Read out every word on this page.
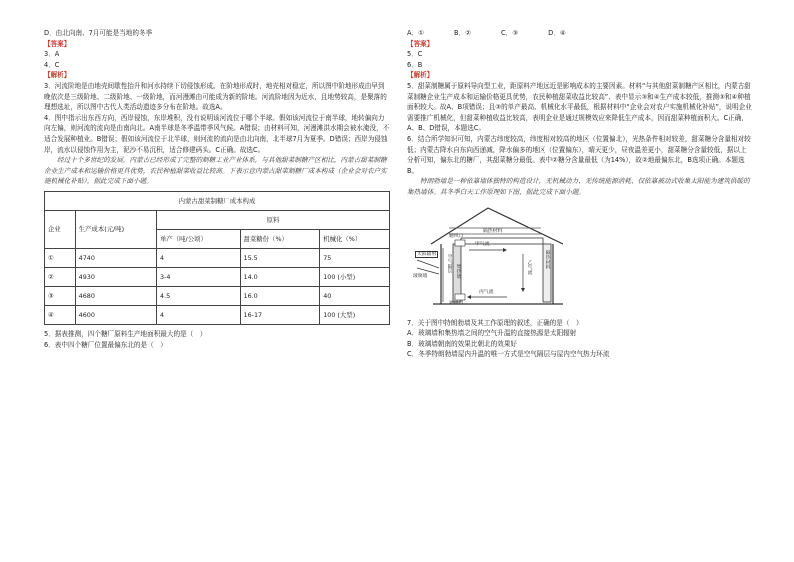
D．由北向南、7月可能是当地的冬季

【答案】

3．A

4．C

【解析】

3．河流阶地是由地壳间歇性抬升和河水持续下切侵蚀形成。在阶地形成时，地壳相对稳定，所以图中阶地形成由早到晚依次是三级阶地、二级阶地、一级阶地，而河漫滩由可能成为新的阶地。河流阶地因为近水，且地势较高，是聚落的理想选址，所以图中古代人类活动遗迹多分布在阶地。故选A。

4．图中指示出东西方向，西岸侵蚀，东岸堆积，没有说明该河流位于哪个半球。假如该河流位于南半球，地转偏向力向左偏，则河流的流向是由南向北。A南半球是冬季温带季风气候。A错误；由材料可知，河漫滩洪水期会被水淹没，不适合发展种植业。B错误；假如该河流位于北半球，则河流的流向是由北向南，北半球7月为夏季。D错误；西岸为侵蚀岸，流水以侵蚀作用为主，泥沙不易沉积，适合修建码头。C正确。故选C。

经过十个多世纪的发展，内蒙古已经形成了完整的制糖工业产业体系，与其他甜菜制糖产区相比，内蒙古甜菜制糖企业生产成本和运输价格更具优势，农民种植甜菜收益比较高。下表示意内蒙古甜菜制糖厂成本构成（企业会对农户实施机械化补贴），据此完成下面小题。

内蒙古甜菜制糖厂成本构成				
企业	生产成本(元/吨)	原料		
		单产（吨/公顷）	甜菜糖份（%）	机械化（%）
①	4740	4	15.5	75
②	4930	3-4	14.0	100 (小型)
③	4680	4.5	16.0	40
④	4600	4	16-17	100 (大型)

5．据表推测，四个糖厂原料生产地面积最大的是（　）

6．表中四个糖厂位置最偏东北的是（　）

A．①	B．②	C．③	D．④

【答案】

5．C

6．B

【解析】

5．甜菜制糖属于原料导向型工业，距原料产地远近是影响成本的主要因素。材料“与其他甜菜制糖产区相比，内蒙古甜菜制糖企业生产成本和运输价格更具优势，农民种植甜菜收益比较高”、表中显示③和④生产成本较低，推测③和④种植面积较大。故A、B项错误；且③的单产最高、机械化水平最低，根据材料中“企业会对农户实施机械化补贴”，说明企业需要推广机械化，但甜菜种植收益比较高，表明企业是通过规模效应来降低生产成本，因而甜菜种植面积大。C正确，A、B、D错误，本题选C。

6．结合所学知识可知，内蒙古纬度较高，纬度相对较高的地区（位置偏北），光热条件相对较差，甜菜糖分含量相对较低；内蒙古降水自东向西递减，降水偏多的地区（位置偏东），晴天更少，昼夜温差更小，甜菜糖分含量较低，据以上分析可知，偏东北的糖厂，其甜菜糖分最低。表中②糖分含量最低（为14%），故②地最偏东北，B选项正确。本题选B。

特朗勃墙是一种依靠墙体独特的构造设计，无机械动力、无传统能源消耗、仅依靠被动式收集太阳能为建筑供暖的集热墙体。其冬季白天工作原理如下图，据此完成下面小题。

隔热材料
隔热材料
通风口
通风口
甲气流
丙气流
空气隔层 集热墙
玻璃墙
乙气流
太阳辐射

7．关于图中特朗勃墙及其工作原理的叙述，正确的是（　）

A．玻璃墙和集热墙之间的空气升温的直接热源是太阳辐射

B．玻璃墙朝南的效果比朝北的效果好

C．冬季特朗勃墙屋内升温的唯一方式是空气隔层与屋内空气热力环流
